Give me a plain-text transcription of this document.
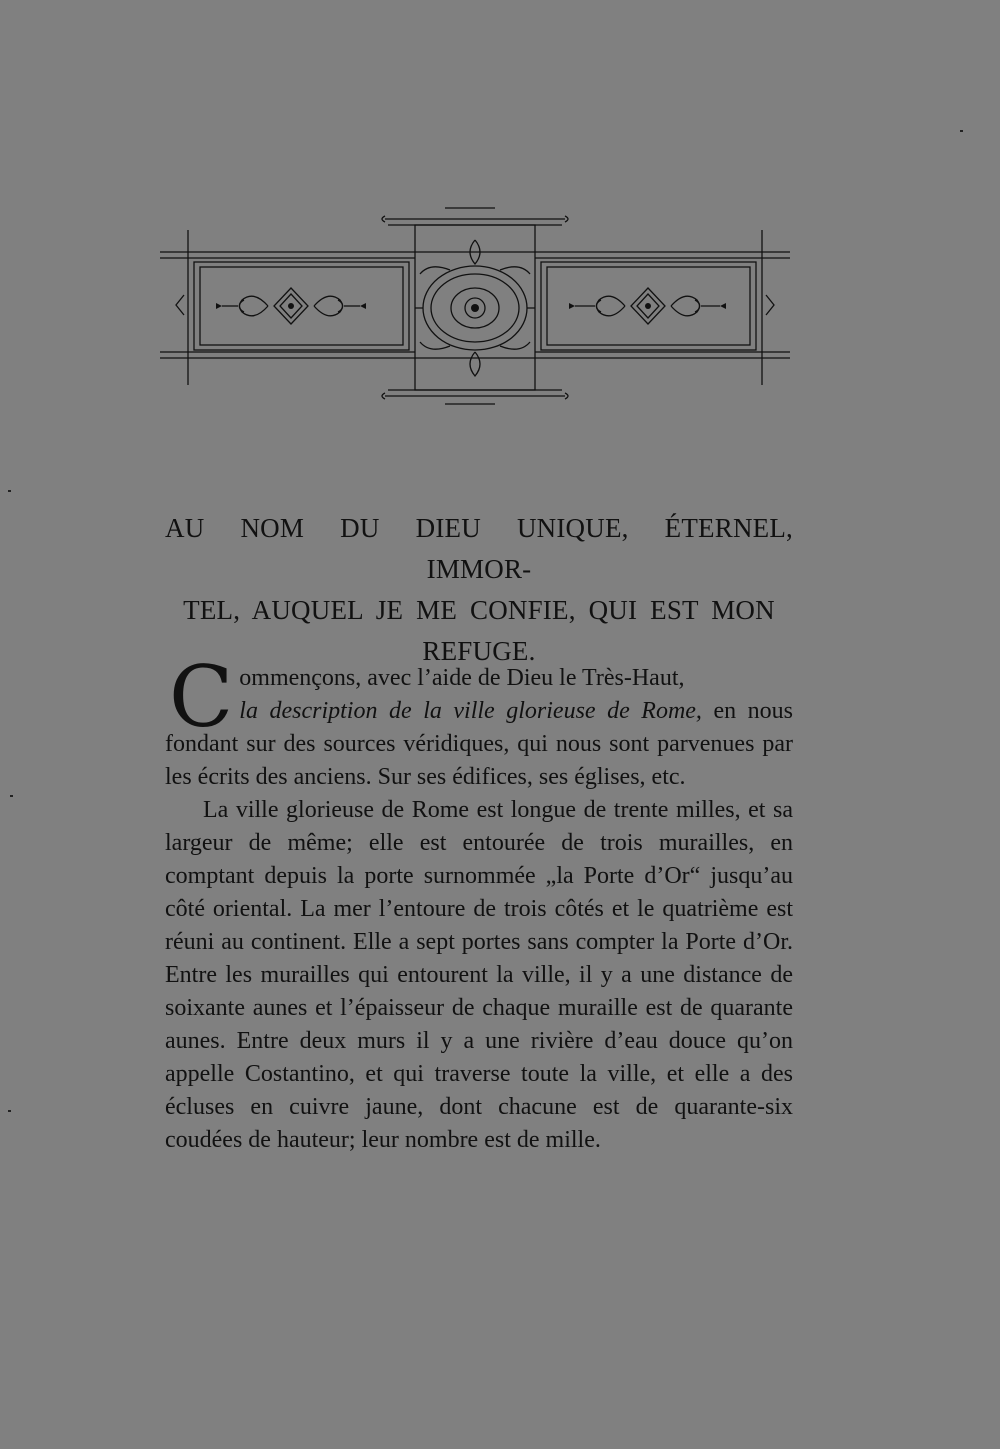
AU NOM DU DIEU UNIQUE, ÉTERNEL, IMMOR-
TEL, AUQUEL JE ME CONFIE, QUI EST MON
REFUGE.

Commençons, avec l’aide de Dieu le Très-Haut,
la description de la ville glorieuse de Rome, en nous fondant sur des sources véridiques, qui nous sont parvenues par les écrits des anciens. Sur ses édifices, ses églises, etc.

La ville glorieuse de Rome est longue de trente milles, et sa largeur de même; elle est entourée de trois murailles, en comptant depuis la porte surnommée „la Porte d’Or“ jusqu’au côté oriental. La mer l’entoure de trois côtés et le quatrième est réuni au continent. Elle a sept portes sans compter la Porte d’Or. Entre les murailles qui entourent la ville, il y a une distance de soixante aunes et l’épaisseur de chaque muraille est de quarante aunes. Entre deux murs il y a une rivière d’eau douce qu’on appelle Costantino, et qui traverse toute la ville, et elle a des écluses en cuivre jaune, dont chacune est de quarante-six coudées de hauteur; leur nombre est de mille.
